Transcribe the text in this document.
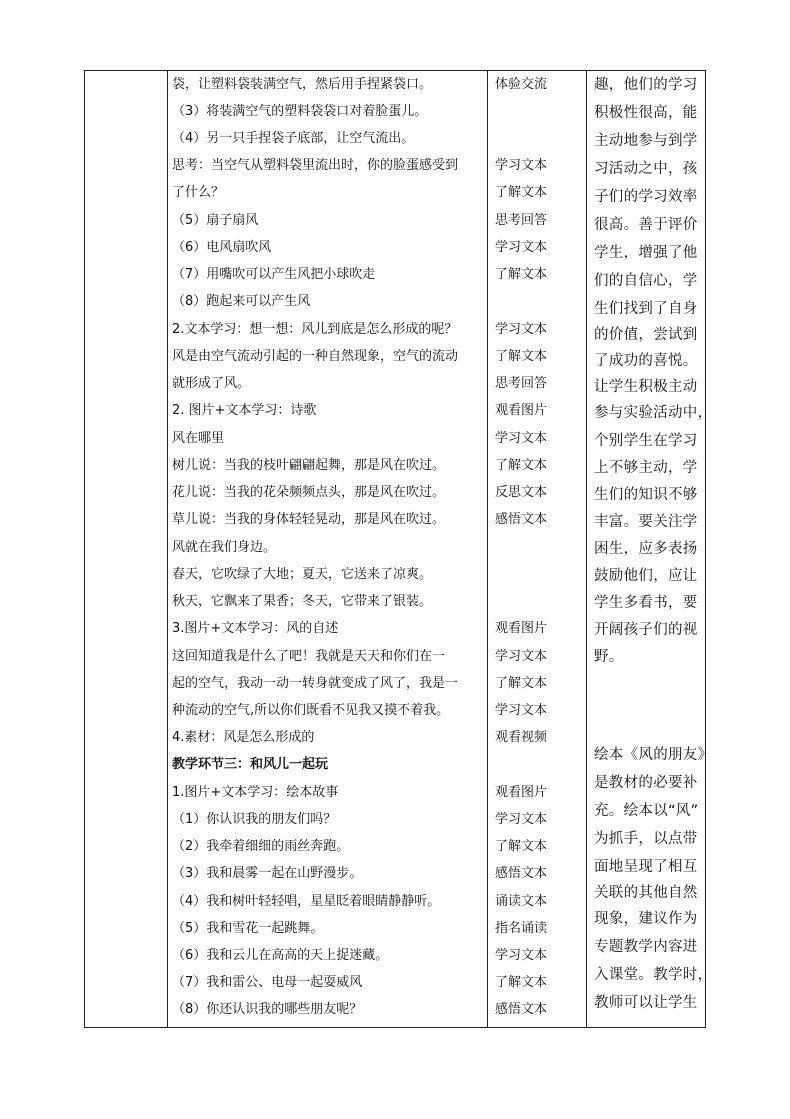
袋，让塑料袋装满空气，然后用手捏紧袋口。
（3）将装满空气的塑料袋袋口对着脸蛋儿。
（4）另一只手捏袋子底部，让空气流出。
思考：当空气从塑料袋里流出时，你的脸蛋感受到
了什么？
（5）扇子扇风
（6）电风扇吹风
（7）用嘴吹可以产生风把小球吹走
（8）跑起来可以产生风
2.文本学习：想一想：风儿到底是怎么形成的呢？
风是由空气流动引起的一种自然现象，空气的流动
就形成了风。
2. 图片+文本学习：诗歌
风在哪里
树儿说：当我的枝叶翩翩起舞，那是风在吹过。
花儿说：当我的花朵频频点头，那是风在吹过。
草儿说：当我的身体轻轻晃动，那是风在吹过。
风就在我们身边。
春天，它吹绿了大地；夏天，它送来了凉爽。
秋天，它飘来了果香；冬天，它带来了银装。
3.图片+文本学习：风的自述
这回知道我是什么了吧！我就是天天和你们在一
起的空气，我动一动一转身就变成了风了，我是一
种流动的空气,所以你们既看不见我又摸不着我。
4.素材：风是怎么形成的
教学环节三：和风儿一起玩
1.图片+文本学习：绘本故事
（1）你认识我的朋友们吗？
（2）我牵着细细的雨丝奔跑。
（3）我和晨雾一起在山野漫步。
（4）我和树叶轻轻唱，星星眨着眼睛静静听。
（5）我和雪花一起跳舞。
（6）我和云儿在高高的天上捉迷藏。
（7）我和雷公、电母一起耍威风
（8）你还认识我的哪些朋友呢？
体验交流
学习文本
了解文本
思考回答
学习文本
了解文本
学习文本
了解文本
思考回答
观看图片
学习文本
了解文本
反思文本
感悟文本
观看图片
学习文本
了解文本
学习文本
观看视频
观看图片
学习文本
了解文本
感悟文本
诵读文本
指名诵读
学习文本
了解文本
感悟文本
趣，他们的学习
积极性很高，能
主动地参与到学
习活动之中，孩
子们的学习效率
很高。善于评价
学生，增强了他
们的自信心，学
生们找到了自身
的价值，尝试到
了成功的喜悦。
让学生积极主动
参与实验活动中，
个别学生在学习
上不够主动，学
生们的知识不够
丰富。要关注学
困生，应多表扬
鼓励他们，应让
学生多看书，要
开阔孩子们的视
野。
绘本《风的朋友》
是教材的必要补
充。绘本以“风”
为抓手，以点带
面地呈现了相互
关联的其他自然
现象，建议作为
专题教学内容进
入课堂。教学时，
教师可以让学生
